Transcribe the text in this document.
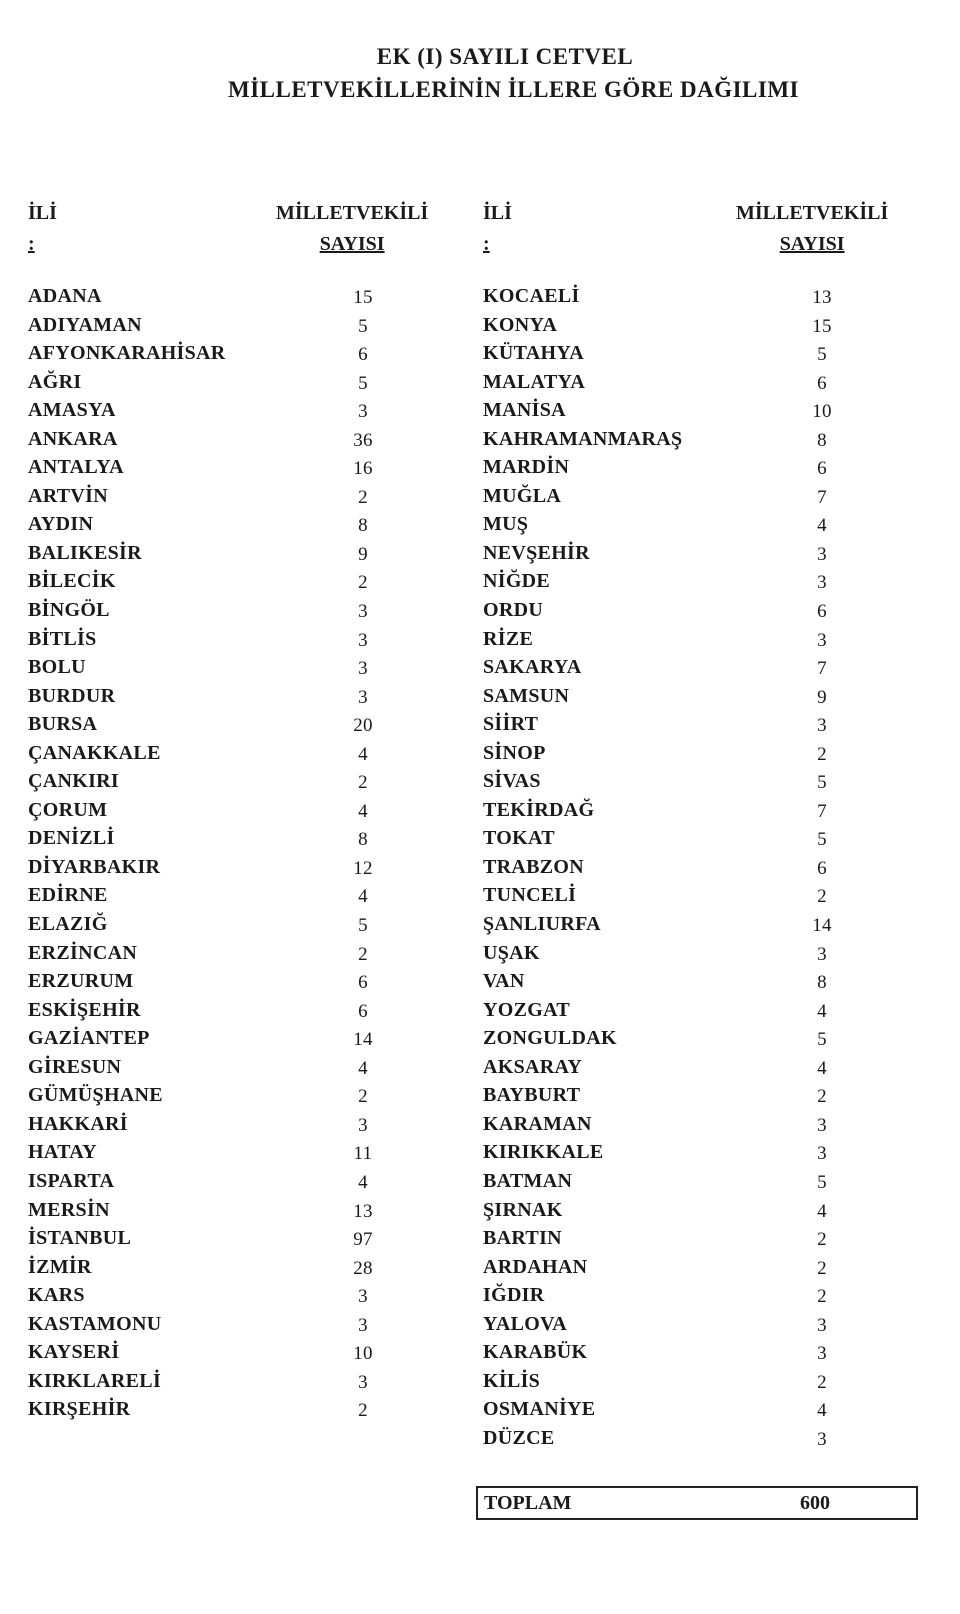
EK (I) SAYILI CETVEL
MİLLETVEKİLLERİNİN İLLERE GÖRE DAĞILIMI
İLİ
:
MİLLETVEKİLİ
SAYISI
İLİ
:
MİLLETVEKİLİ
SAYISI
ADANA	15
ADIYAMAN	5
AFYONKARAHİSAR	6
AĞRI	5
AMASYA	3
ANKARA	36
ANTALYA	16
ARTVİN	2
AYDIN	8
BALIKESİR	9
BİLECİK	2
BİNGÖL	3
BİTLİS	3
BOLU	3
BURDUR	3
BURSA	20
ÇANAKKALE	4
ÇANKIRI	2
ÇORUM	4
DENİZLİ	8
DİYARBAKIR	12
EDİRNE	4
ELAZIĞ	5
ERZİNCAN	2
ERZURUM	6
ESKİŞEHİR	6
GAZİANTEP	14
GİRESUN	4
GÜMÜŞHANE	2
HAKKARİ	3
HATAY	11
ISPARTA	4
MERSİN	13
İSTANBUL	97
İZMİR	28
KARS	3
KASTAMONU	3
KAYSERİ	10
KIRKLARELİ	3
KIRŞEHİR	2
KOCAELİ	13
KONYA	15
KÜTAHYA	5
MALATYA	6
MANİSA	10
KAHRAMANMARAŞ	8
MARDİN	6
MUĞLA	7
MUŞ	4
NEVŞEHİR	3
NİĞDE	3
ORDU	6
RİZE	3
SAKARYA	7
SAMSUN	9
SİİRT	3
SİNOP	2
SİVAS	5
TEKİRDAĞ	7
TOKAT	5
TRABZON	6
TUNCELİ	2
ŞANLIURFA	14
UŞAK	3
VAN	8
YOZGAT	4
ZONGULDAK	5
AKSARAY	4
BAYBURT	2
KARAMAN	3
KIRIKKALE	3
BATMAN	5
ŞIRNAK	4
BARTIN	2
ARDAHAN	2
IĞDIR	2
YALOVA	3
KARABÜK	3
KİLİS	2
OSMANİYE	4
DÜZCE	3
TOPLAM	600
